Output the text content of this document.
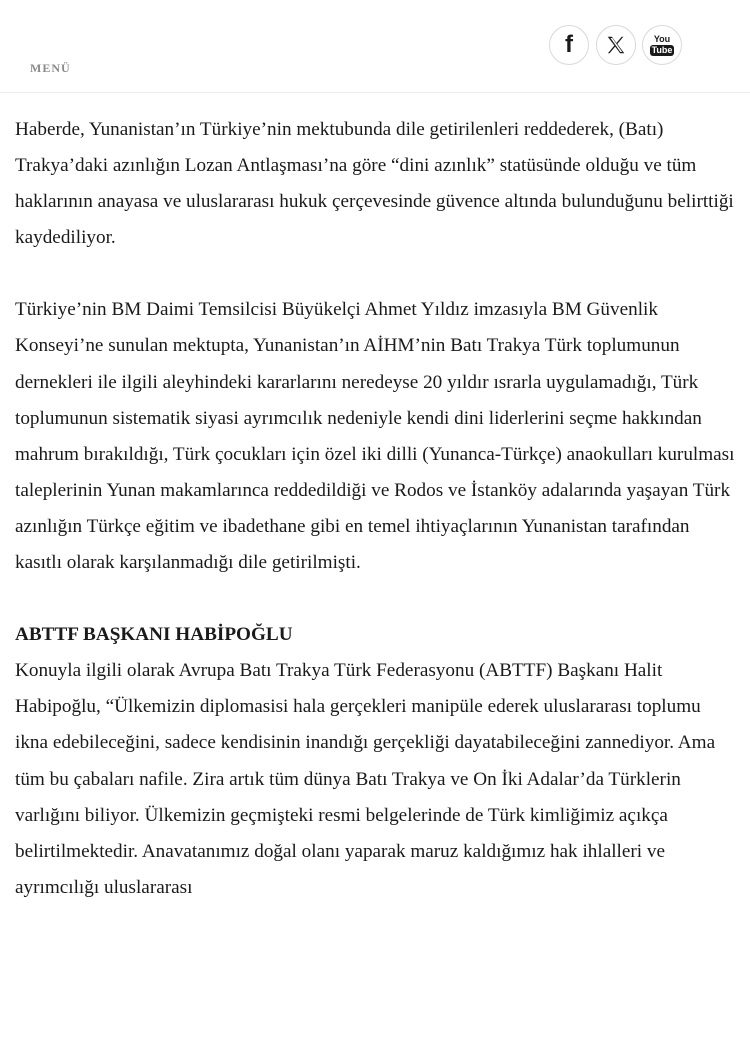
MENÜ
f	You
Tube

Haberde, Yunanistan’ın Türkiye’nin mektubunda dile getirilenleri reddederek, (Batı) Trakya’daki azınlığın Lozan Antlaşması’na göre “dini azınlık” statüsünde olduğu ve tüm haklarının anayasa ve uluslararası hukuk çerçevesinde güvence altında bulunduğunu belirttiği kaydediliyor.

Türkiye’nin BM Daimi Temsilcisi Büyükelçi Ahmet Yıldız imzasıyla BM Güvenlik Konseyi’ne sunulan mektupta, Yunanistan’ın AİHM’nin Batı Trakya Türk toplumunun dernekleri ile ilgili aleyhindeki kararlarını neredeyse 20 yıldır ısrarla uygulamadığı, Türk toplumunun sistematik siyasi ayrımcılık nedeniyle kendi dini liderlerini seçme hakkından mahrum bırakıldığı, Türk çocukları için özel iki dilli (Yunanca-Türkçe) anaokulları kurulması taleplerinin Yunan makamlarınca reddedildiği ve Rodos ve İstanköy adalarında yaşayan Türk azınlığın Türkçe eğitim ve ibadethane gibi en temel ihtiyaçlarının Yunanistan tarafından kasıtlı olarak karşılanmadığı dile getirilmişti.

ABTTF BAŞKANI HABİPOĞLU

Konuyla ilgili olarak Avrupa Batı Trakya Türk Federasyonu (ABTTF) Başkanı Halit Habipoğlu, “Ülkemizin diplomasisi hala gerçekleri manipüle ederek uluslararası toplumu ikna edebileceğini, sadece kendisinin inandığı gerçekliği dayatabileceğini zannediyor. Ama tüm bu çabaları nafile. Zira artık tüm dünya Batı Trakya ve On İki Adalar’da Türklerin varlığını biliyor. Ülkemizin geçmişteki resmi belgelerinde de Türk kimliğimiz açıkça belirtilmektedir. Anavatanımız doğal olanı yaparak maruz kaldığımız hak ihlalleri ve ayrımcılığı uluslararası
